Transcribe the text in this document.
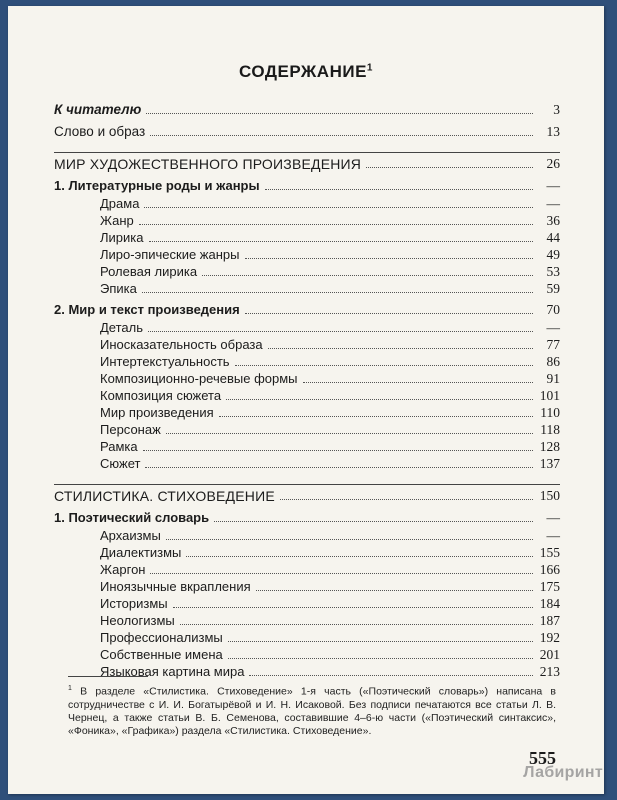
СОДЕРЖАНИЕ$^1$
К читателю	3
Слово и образ	13
МИР ХУДОЖЕСТВЕННОГО ПРОИЗВЕДЕНИЯ	26
1. Литературные роды и жанры	—
Драма	—
Жанр	36
Лирика	44
Лиро-эпические жанры	49
Ролевая лирика	53
Эпика	59
2. Мир и текст произведения	70
Деталь	—
Иносказательность образа	77
Интертекстуальность	86
Композиционно-речевые формы	91
Композиция сюжета	101
Мир произведения	110
Персонаж	118
Рамка	128
Сюжет	137
СТИЛИСТИКА. СТИХОВЕДЕНИЕ	150
1. Поэтический словарь	—
Архаизмы	—
Диалектизмы	155
Жаргон	166
Иноязычные вкрапления	175
Историзмы	184
Неологизмы	187
Профессионализмы	192
Собственные имена	201
Языковая картина мира	213
$^1$ В разделе «Стилистика. Стиховедение» 1-я часть («Поэтический словарь») написана в сотрудничестве с И. И. Богатырёвой и И. Н. Исаковой. Без подписи печатаются все статьи Л. В. Чернец, а также статьи В. Б. Семенова, составившие 4–6-ю части («Поэтический синтаксис», «Фоника», «Графика») раздела «Стилистика. Стиховедение».
555
Лабиринт
